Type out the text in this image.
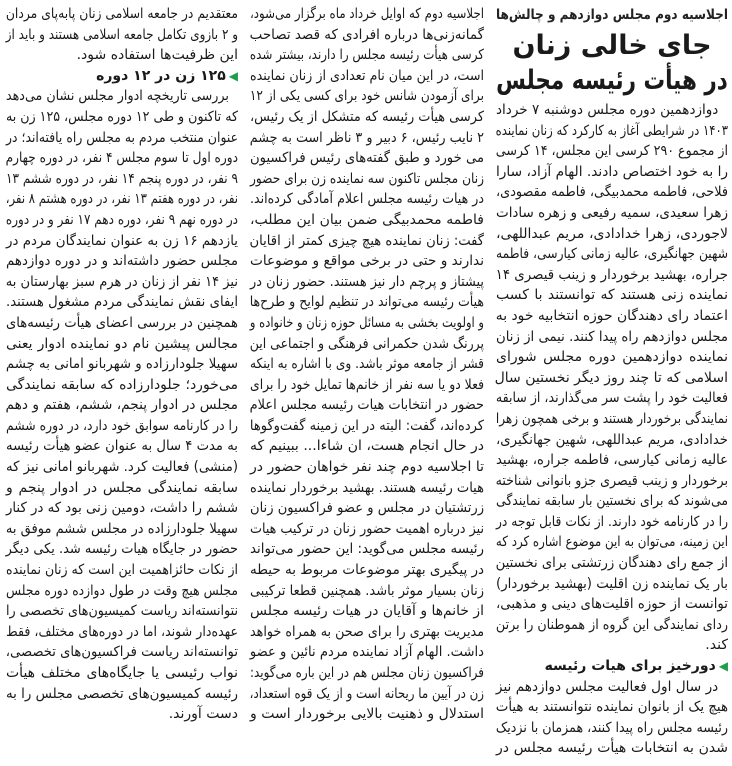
معتقدیم در جامعه اسلامی زنان پابه‌پای مردان
و ۲ بازوی تکامل جامعه اسلامی هستند و باید از
این ظرفیت‌ها استفاده شود.
◀۱۲۵ زن در ۱۲ دوره
بررسی تاریخچه ادوار مجلس نشان می‌دهد
که تاکنون و طی ۱۲ دوره مجلس، ۱۲۵ زن به
عنوان منتخب مردم به مجلس راه یافته‌اند؛ در
دوره اول تا سوم مجلس ۴ نفر، در دوره چهارم
۹ نفر، در دوره پنجم ۱۴ نفر، در دوره ششم ۱۳
نفر، در دوره هفتم ۱۳ نفر، در دوره هشتم ۸ نفر،
در دوره نهم ۹ نفر، دوره دهم ۱۷ نفر و در دوره
یازدهم ۱۶ زن به عنوان نمایندگان مردم در
مجلس حضور داشته‌اند و در دوره دوازدهم
نیز ۱۴ نفر از زنان در هرم سبز بهارستان به
ایفای نقش نمایندگی مردم مشغول هستند.
همچنین در بررسی اعضای هیأت رئیسه‌های
مجالس پیشین نام دو نماینده ادوار یعنی
سهیلا جلودارزاده و شهربانو امانی به چشم
می‌خورد؛ جلودارزاده که سابقه نمایندگی
مجلس در ادوار پنجم، ششم، هفتم و دهم
را در کارنامه سوابق خود دارد، در دوره ششم
به مدت ۴ سال به عنوان عضو هیأت رئیسه
(منشی) فعالیت کرد. شهربانو امانی نیز که
سابقه نمایندگی مجلس در ادوار پنجم و
ششم را داشت، دومین زنی بود که در کنار
سهیلا جلودارزاده در مجلس ششم موفق به
حضور در جایگاه هیات رئیسه شد. یکی دیگر
از نکات حائزاهمیت این است که زنان نماینده
مجلس هیچ وقت در طول دوازده دوره مجلس
نتوانسته‌اند ریاست کمیسیون‌های تخصصی را
عهده‌دار شوند، اما در دوره‌های مختلف، فقط
توانسته‌اند ریاست فراکسیون‌های تخصصی،
نواب رئیسی یا جایگاه‌های مختلف هیأت
رئیسه کمیسیون‌های تخصصی مجلس را به
دست آورند.
اجلاسیه دوم که اوایل خرداد ماه برگزار می‌شود،
گمانه‌زنی‌ها درباره افرادی که قصد تصاحب
کرسی هیأت رئیسه مجلس را دارند، بیشتر شده
است، در این میان نام تعدادی از زنان نماینده
برای آزمودن شانس خود برای کسی یکی از ۱۲
کرسی هیأت رئیسه که متشکل از یک رئیس،
۲ نایب رئیس، ۶ دبیر و ۳ ناظر است به چشم
می خورد و طبق گفته‌های رئیس فراکسیون
زنان مجلس تاکنون سه نماینده زن برای حضور
در هیات رئیسه مجلس اعلام آمادگی کرده‌اند.
فاطمه محمدبیگی ضمن بیان این مطلب،
گفت: زنان نماینده هیچ چیزی کمتر از اقایان
ندارند و حتی در برخی مواقع و موضوعات
پیشتاز و پرچم دار نیز هستند. حضور زنان در
هیأت رئیسه می‌تواند در تنظیم لوایح و طرح‌ها
و اولویت بخشی به مسائل حوزه زنان و خانواده و
پررنگ شدن حکمرانی فرهنگی و اجتماعی این
قشر از جامعه موثر باشد. وی با اشاره به اینکه
فعلا دو یا سه نفر از خانم‌ها تمایل خود را برای
حضور در انتخابات هیات رئیسه مجلس اعلام
کرده‌اند، گفت: البته در این زمینه گفت‌وگوها
در حال انجام هست، ان شاءا... ببینیم که
تا اجلاسیه دوم چند نفر خواهان حضور در
هیات رئیسه هستند. بهشید برخوردار نماینده
زرتشتیان در مجلس و عضو فراکسیون زنان
نیز درباره اهمیت حضور زنان در ترکیب هیات
رئیسه مجلس می‌گوید: این حضور می‌تواند
در پیگیری بهتر موضوعات مربوط به حیطه
زنان بسیار موثر باشد. همچنین قطعا ترکیبی
از خانم‌ها و آقایان در هیات رئیسه مجلس
مدیریت بهتری را برای صحن به همراه خواهد
داشت. الهام آزاد نماینده مردم نائین و عضو
فراکسیون زنان مجلس هم در این باره می‌گوید:
زن در آیین ما ریحانه است و از یک قوه استعداد،
استدلال و ذهنیت بالایی برخوردار است و
اجلاسیه دوم مجلس دوازدهم و چالش‌ها
جای خالی زنان
در هیأت رئیسه مجلس
دوازدهمین دوره مجلس دوشنبه ۷ خرداد
۱۴۰۳ در شرایطی آغاز به کارکرد که زنان نماینده
از مجموع ۲۹۰ کرسی این مجلس، ۱۴ کرسی
را به خود اختصاص دادند. الهام آزاد، سارا
فلاحی، فاطمه محمدبیگی، فاطمه مقصودی،
زهرا سعیدی، سمیه رفیعی و زهره سادات
لاجوردی، زهرا خدادادی، مریم عبداللهی،
شهین جهانگیری، عالیه زمانی کیارسی، فاطمه
جراره، بهشید برخوردار و زینب قیصری ۱۴
نماینده زنی هستند که توانستند با کسب
اعتماد رای دهندگان حوزه انتخابیه خود به
مجلس دوازدهم راه پیدا کنند. نیمی از زنان
نماینده دوازدهمین دوره مجلس شورای
اسلامی که تا چند روز دیگر نخستین سال
فعالیت خود را پشت سر می‌گذارند، از سابقه
نمایندگی برخوردار هستند و برخی همچون زهرا
خدادادی، مریم عبداللهی، شهین جهانگیری،
عالیه زمانی کیارسی، فاطمه جراره، بهشید
برخوردار و زینب قیصری جزو بانوانی شناخته
می‌شوند که برای نخستین بار سابقه نمایندگی
را در کارنامه خود دارند. از نکات قابل توجه در
این زمینه، می‌توان به این موضوع اشاره کرد که
از جمع رای دهندگان زرتشتی برای نخستین
بار یک نماینده زن اقلیت (بهشید برخوردار)
توانست از حوزه اقلیت‌های دینی و مذهبی،
ردای نمایندگی این گروه از هموطنان را برتن
کند.
◀دورخیز برای هیات رئیسه
در سال اول فعالیت مجلس دوازدهم نیز
هیچ یک از بانوان نماینده نتوانستند به هیأت
رئیسه مجلس راه پیدا کنند، همزمان با نزدیک
شدن به انتخابات هیأت رئیسه مجلس در
